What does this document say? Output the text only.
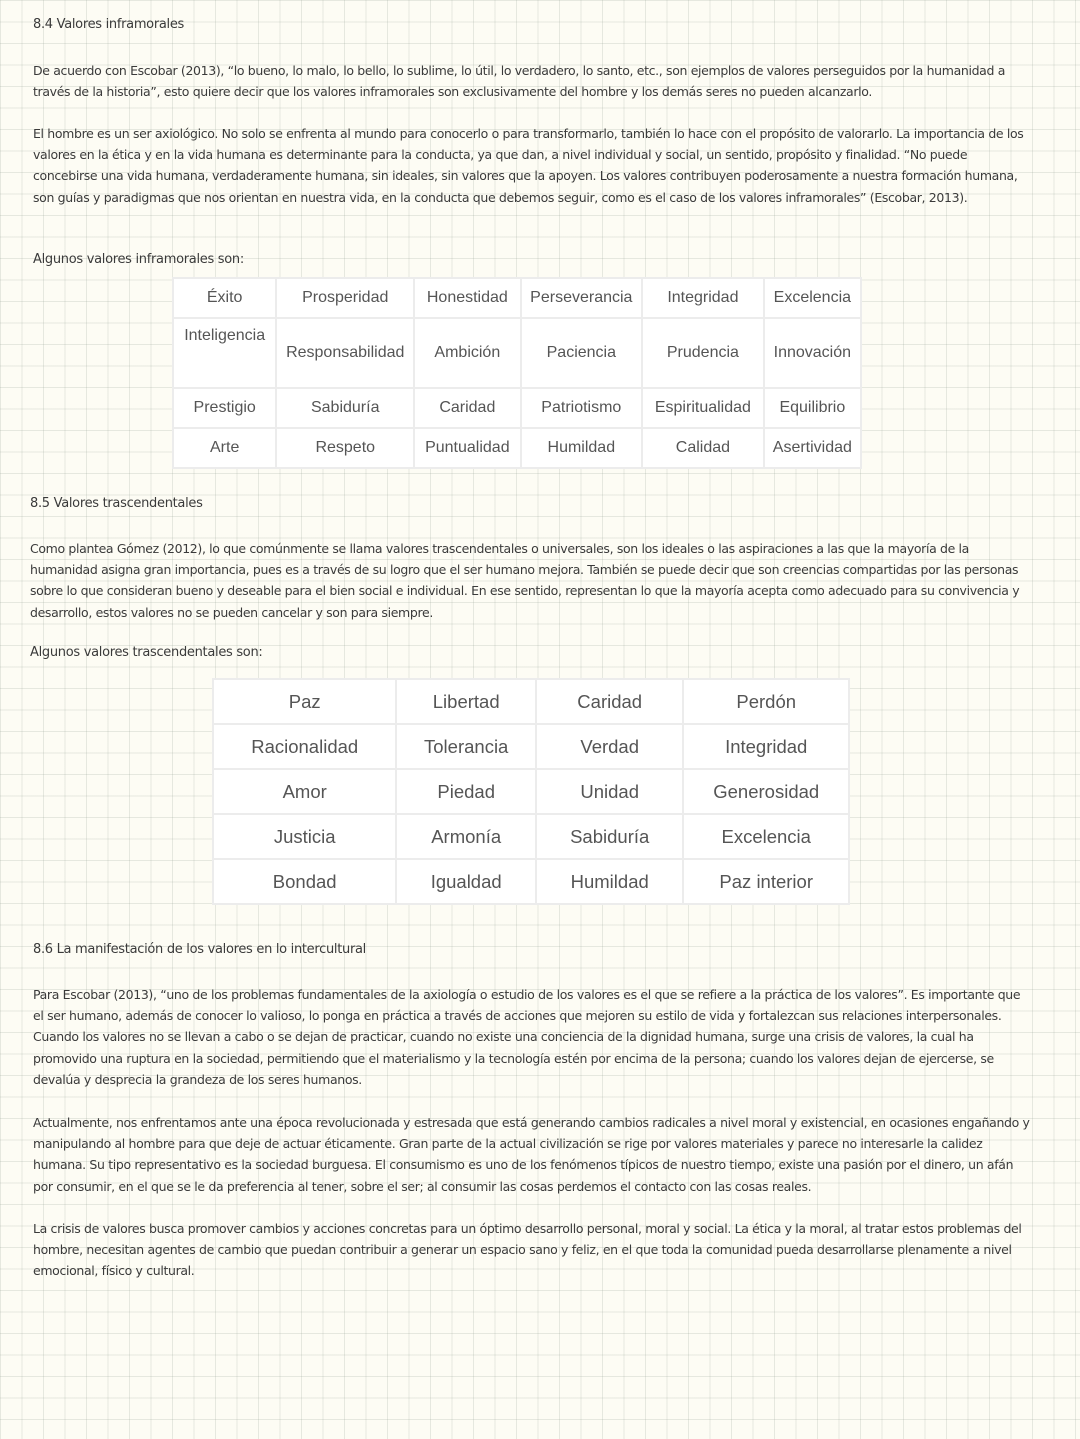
8.4 Valores inframorales
De acuerdo con Escobar (2013), “lo bueno, lo malo, lo bello, lo sublime, lo útil, lo verdadero, lo santo, etc., son ejemplos de valores perseguidos por la humanidad a través de la historia”, esto quiere decir que los valores inframorales son exclusivamente del hombre y los demás seres no pueden alcanzarlo.
El hombre es un ser axiológico. No solo se enfrenta al mundo para conocerlo o para transformarlo, también lo hace con el propósito de valorarlo. La importancia de los valores en la ética y en la vida humana es determinante para la conducta, ya que dan, a nivel individual y social, un sentido, propósito y finalidad. “No puede concebirse una vida humana, verdaderamente humana, sin ideales, sin valores que la apoyen. Los valores contribuyen poderosamente a nuestra formación humana, son guías y paradigmas que nos orientan en nuestra vida, en la conducta que debemos seguir, como es el caso de los valores inframorales” (Escobar, 2013).
Algunos valores inframorales son:
Éxito	Prosperidad	Honestidad	Perseverancia	Integridad	Excelencia
Inteligencia	Responsabilidad	Ambición	Paciencia	Prudencia	Innovación
Prestigio	Sabiduría	Caridad	Patriotismo	Espiritualidad	Equilibrio
Arte	Respeto	Puntualidad	Humildad	Calidad	Asertividad
8.5 Valores trascendentales
Como plantea Gómez (2012), lo que comúnmente se llama valores trascendentales o universales, son los ideales o las aspiraciones a las que la mayoría de la humanidad asigna gran importancia, pues es a través de su logro que el ser humano mejora. También se puede decir que son creencias compartidas por las personas sobre lo que consideran bueno y deseable para el bien social e individual. En ese sentido, representan lo que la mayoría acepta como adecuado para su convivencia y desarrollo, estos valores no se pueden cancelar y son para siempre.
Algunos valores trascendentales son:
Paz	Libertad	Caridad	Perdón
Racionalidad	Tolerancia	Verdad	Integridad
Amor	Piedad	Unidad	Generosidad
Justicia	Armonía	Sabiduría	Excelencia
Bondad	Igualdad	Humildad	Paz interior
8.6 La manifestación de los valores en lo intercultural
Para Escobar (2013), “uno de los problemas fundamentales de la axiología o estudio de los valores es el que se refiere a la práctica de los valores”. Es importante que el ser humano, además de conocer lo valioso, lo ponga en práctica a través de acciones que mejoren su estilo de vida y fortalezcan sus relaciones interpersonales. Cuando los valores no se llevan a cabo o se dejan de practicar, cuando no existe una conciencia de la dignidad humana, surge una crisis de valores, la cual ha promovido una ruptura en la sociedad, permitiendo que el materialismo y la tecnología estén por encima de la persona; cuando los valores dejan de ejercerse, se devalúa y desprecia la grandeza de los seres humanos.
Actualmente, nos enfrentamos ante una época revolucionada y estresada que está generando cambios radicales a nivel moral y existencial, en ocasiones engañando y manipulando al hombre para que deje de actuar éticamente. Gran parte de la actual civilización se rige por valores materiales y parece no interesarle la calidez humana. Su tipo representativo es la sociedad burguesa. El consumismo es uno de los fenómenos típicos de nuestro tiempo, existe una pasión por el dinero, un afán por consumir, en el que se le da preferencia al tener, sobre el ser; al consumir las cosas perdemos el contacto con las cosas reales.
La crisis de valores busca promover cambios y acciones concretas para un óptimo desarrollo personal, moral y social. La ética y la moral, al tratar estos problemas del hombre, necesitan agentes de cambio que puedan contribuir a generar un espacio sano y feliz, en el que toda la comunidad pueda desarrollarse plenamente a nivel emocional, físico y cultural.
